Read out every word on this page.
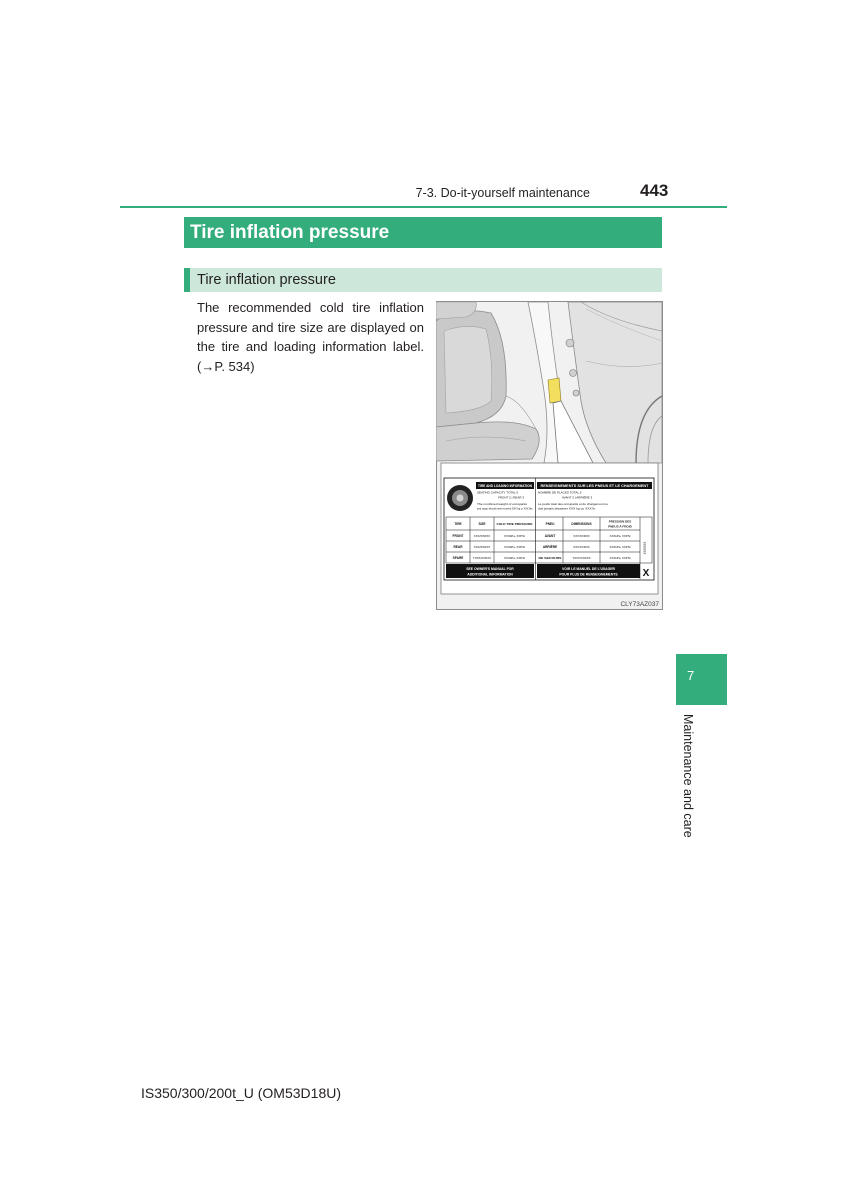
7-3. Do-it-yourself maintenance	443
Tire inflation pressure
Tire inflation pressure
The recommended cold tire inflation
pressure and tire size are displayed on
the tire and loading information label.
(→P. 534)
TIRE AND LOADING INFORMATION
SEATING CAPACITY TOTAL 5
FRONT 2 | REAR 3
The combined weight of occupants
and cargo should never exceed XXX kg or XXX lbs.
RENSEIGNEMENTS SUR LES PNEUS ET LE CHARGEMENT
NOMBRE DE PLACES TOTAL 5
AVANT 2 | ARRIÈRE 3
Le poids total des occupants et du chargement ne
doit jamais dépasser XXX kg ou XXX lb.
TIRE	SIZE	COLD TIRE PRESSURE
FRONT	XXX/XXRXX	XXXkPa, XXPSI
REAR	XXX/XXRXX	XXXkPa, XXPSI
SPARE	TXXX/XXDXX	XXXkPa, XXPSI
PNEU	DIMENSIONS
PRESSION DES
PNEUS À FROID
AVANT	XXX/XXRXX	XXXkPa, XXPSI
ARRIÈRE	XXX/XXRXX	XXXkPa, XXPSI
DE SECOURS	TXXX/XXDXX	XXXkPa, XXPSI
SEE OWNER'S MANUAL FOR
ADDITIONAL INFORMATION
VOIR LE MANUEL DE L'USAGER
POUR PLUS DE RENSEIGNEMENTS
XXXXXX
X
CLY73AZ037
7
Maintenance and care
IS350/300/200t_U (OM53D18U)
